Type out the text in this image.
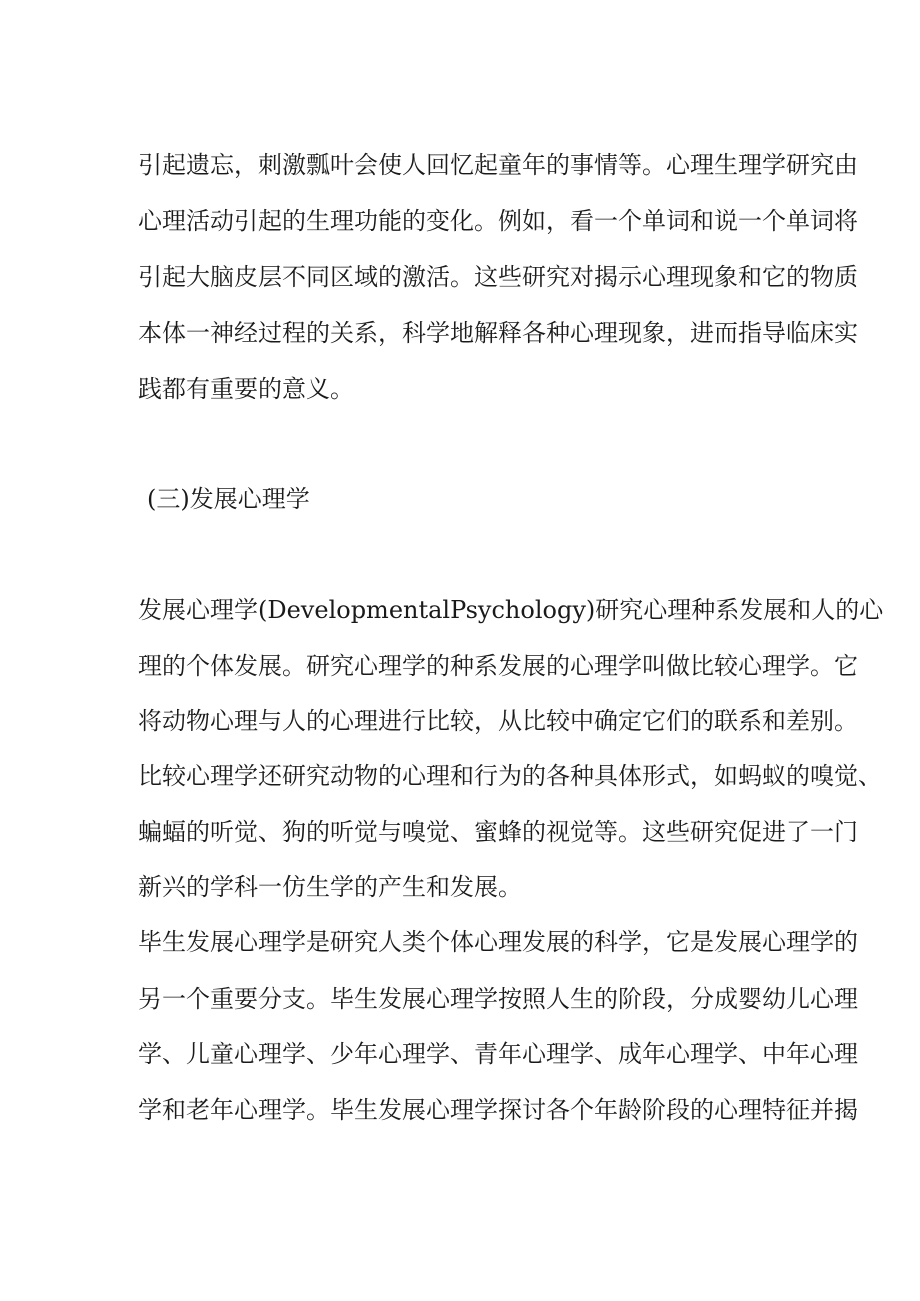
引起遗忘，刺激瓢叶会使人回忆起童年的事情等。心理生理学研究由
心理活动引起的生理功能的变化。例如，看一个单词和说一个单词将
引起大脑皮层不同区域的激活。这些研究对揭示心理现象和它的物质
本体一神经过程的关系，科学地解释各种心理现象，进而指导临床实
践都有重要的意义。
(三)发展心理学
发展心理学(DevelopmentalPsychology)研究心理种系发展和人的心
理的个体发展。研究心理学的种系发展的心理学叫做比较心理学。它
将动物心理与人的心理进行比较，从比较中确定它们的联系和差别。
比较心理学还研究动物的心理和行为的各种具体形式，如蚂蚁的嗅觉、
蝙蝠的听觉、狗的听觉与嗅觉、蜜蜂的视觉等。这些研究促进了一门
新兴的学科一仿生学的产生和发展。
毕生发展心理学是研究人类个体心理发展的科学，它是发展心理学的
另一个重要分支。毕生发展心理学按照人生的阶段，分成婴幼儿心理
学、儿童心理学、少年心理学、青年心理学、成年心理学、中年心理
学和老年心理学。毕生发展心理学探讨各个年龄阶段的心理特征并揭
